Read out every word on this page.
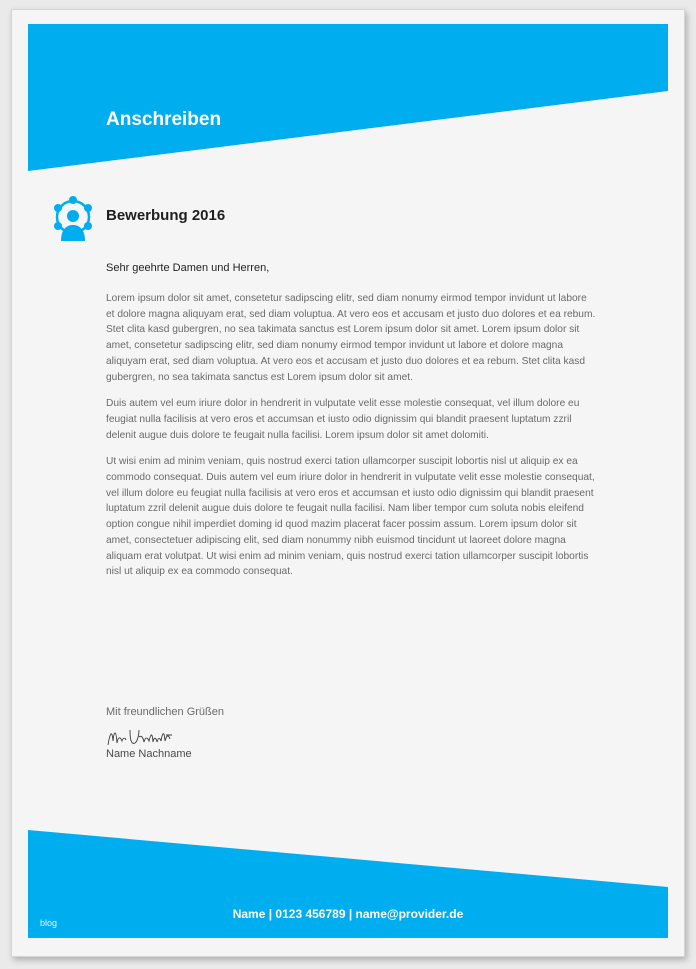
Anschreiben
Bewerbung 2016
Sehr geehrte Damen und Herren,

Lorem ipsum dolor sit amet, consetetur sadipscing elitr, sed diam nonumy eirmod tempor invidunt ut labore et dolore magna aliquyam erat, sed diam voluptua. At vero eos et accusam et justo duo dolores et ea rebum. Stet clita kasd gubergren, no sea takimata sanctus est Lorem ipsum dolor sit amet. Lorem ipsum dolor sit amet, consetetur sadipscing elitr, sed diam nonumy eirmod tempor invidunt ut labore et dolore magna aliquyam erat, sed diam voluptua. At vero eos et accusam et justo duo dolores et ea rebum. Stet clita kasd gubergren, no sea takimata sanctus est Lorem ipsum dolor sit amet.

Duis autem vel eum iriure dolor in hendrerit in vulputate velit esse molestie consequat, vel illum dolore eu feugiat nulla facilisis at vero eros et accumsan et iusto odio dignissim qui blandit praesent luptatum zzril delenit augue duis dolore te feugait nulla facilisi. Lorem ipsum dolor sit amet dolomiti.

Ut wisi enim ad minim veniam, quis nostrud exerci tation ullamcorper suscipit lobortis nisl ut aliquip ex ea commodo consequat. Duis autem vel eum iriure dolor in hendrerit in vulputate velit esse molestie consequat, vel illum dolore eu feugiat nulla facilisis at vero eros et accumsan et iusto odio dignissim qui blandit praesent luptatum zzril delenit augue duis dolore te feugait nulla facilisi. Nam liber tempor cum soluta nobis eleifend option congue nihil imperdiet doming id quod mazim placerat facer possim assum. Lorem ipsum dolor sit amet, consectetuer adipiscing elit, sed diam nonummy nibh euismod tincidunt ut laoreet dolore magna aliquam erat volutpat. Ut wisi enim ad minim veniam, quis nostrud exerci tation ullamcorper suscipit lobortis nisl ut aliquip ex ea commodo consequat.

Mit freundlichen Grüßen
Name Nachname
Name | 0123 456789 | name@provider.de
blog
